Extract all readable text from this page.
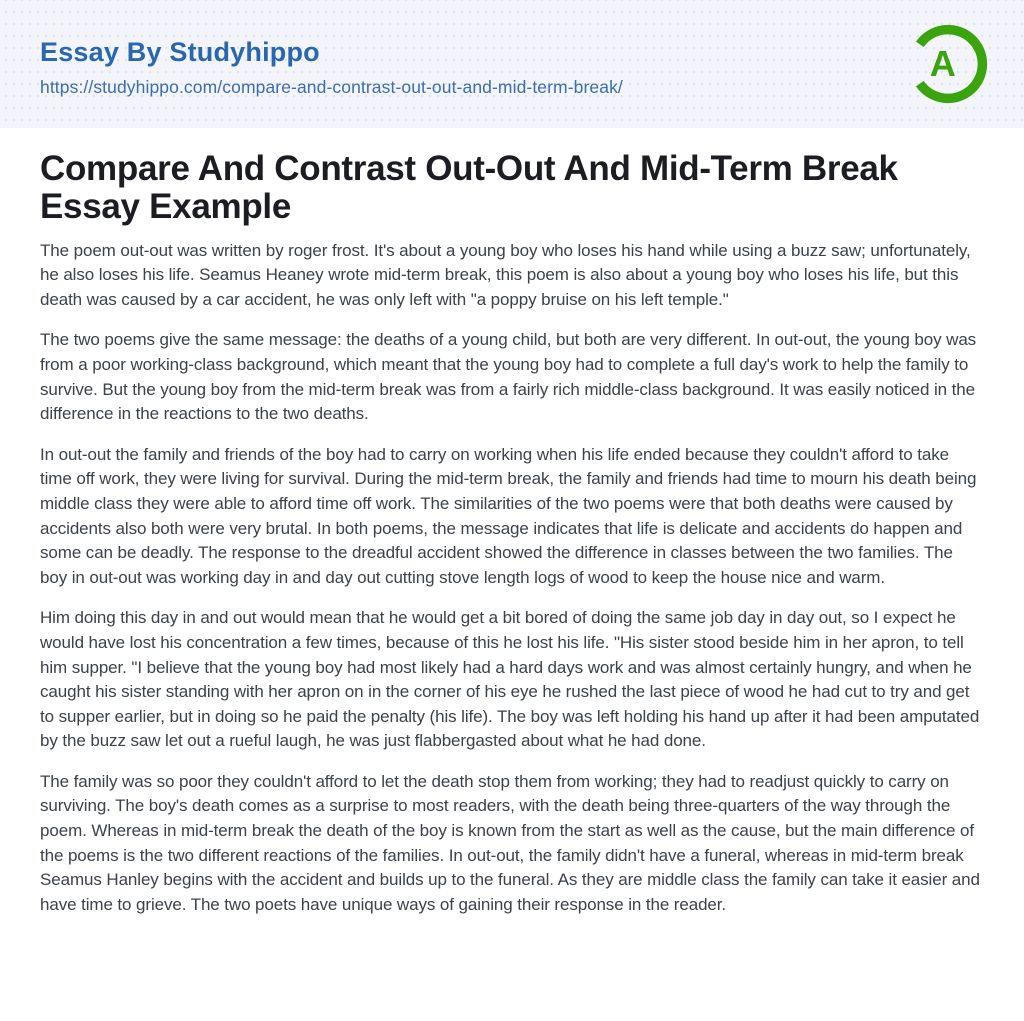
Essay By Studyhippo
https://studyhippo.com/compare-and-contrast-out-out-and-mid-term-break/
A
Compare And Contrast Out-Out And Mid-Term Break Essay Example

The poem out-out was written by roger frost. It's about a young boy who loses his hand while using a buzz saw; unfortunately, he also loses his life. Seamus Heaney wrote mid-term break, this poem is also about a young boy who loses his life, but this death was caused by a car accident, he was only left with "a poppy bruise on his left temple."

The two poems give the same message: the deaths of a young child, but both are very different. In out-out, the young boy was from a poor working-class background, which meant that the young boy had to complete a full day's work to help the family to survive. But the young boy from the mid-term break was from a fairly rich middle-class background. It was easily noticed in the difference in the reactions to the two deaths.

In out-out the family and friends of the boy had to carry on working when his life ended because they couldn't afford to take time off work, they were living for survival. During the mid-term break, the family and friends had time to mourn his death being middle class they were able to afford time off work. The similarities of the two poems were that both deaths were caused by accidents also both were very brutal. In both poems, the message indicates that life is delicate and accidents do happen and some can be deadly. The response to the dreadful accident showed the difference in classes between the two families. The boy in out-out was working day in and day out cutting stove length logs of wood to keep the house nice and warm.

Him doing this day in and out would mean that he would get a bit bored of doing the same job day in day out, so I expect he would have lost his concentration a few times, because of this he lost his life. "His sister stood beside him in her apron, to tell him supper. "I believe that the young boy had most likely had a hard days work and was almost certainly hungry, and when he caught his sister standing with her apron on in the corner of his eye he rushed the last piece of wood he had cut to try and get to supper earlier, but in doing so he paid the penalty (his life). The boy was left holding his hand up after it had been amputated by the buzz saw let out a rueful laugh, he was just flabbergasted about what he had done.

The family was so poor they couldn't afford to let the death stop them from working; they had to readjust quickly to carry on surviving. The boy's death comes as a surprise to most readers, with the death being three-quarters of the way through the poem. Whereas in mid-term break the death of the boy is known from the start as well as the cause, but the main difference of the poems is the two different reactions of the families. In out-out, the family didn't have a funeral, whereas in mid-term break Seamus Hanley begins with the accident and builds up to the funeral. As they are middle class the family can take it easier and have time to grieve. The two poets have unique ways of gaining their response in the reader.
